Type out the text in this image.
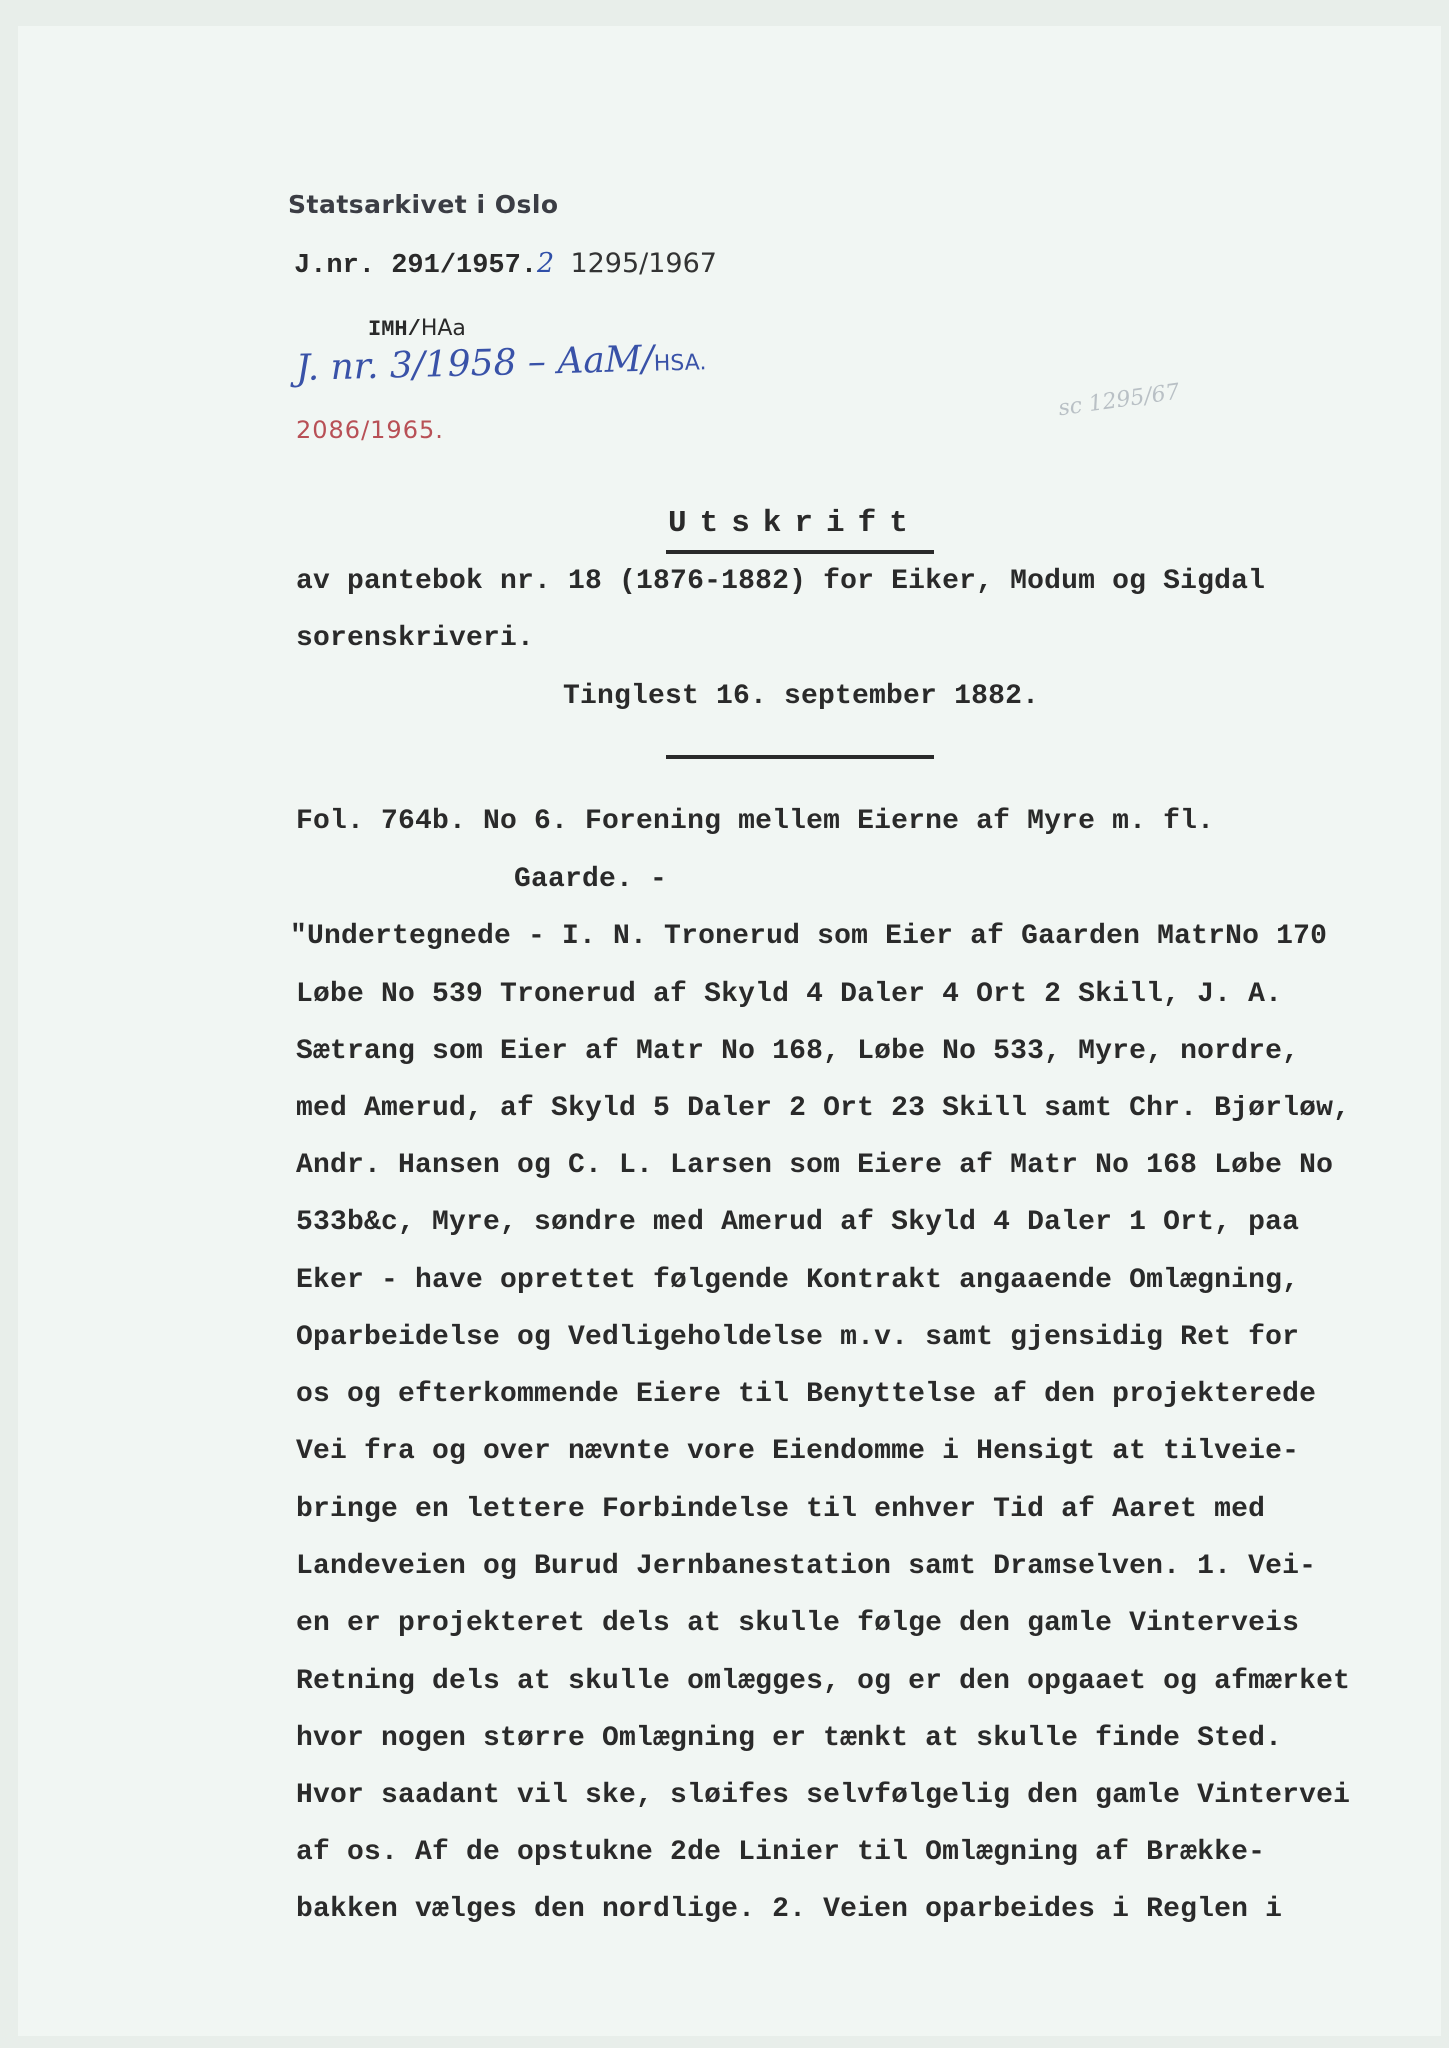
Statsarkivet i Oslo
J.nr. 291/1957.2 1295/1967
IMH/HAa
J. nr. 3/1958 – AaM/HSA.
sc 1295/67
2086/1965.
Utskrift
av pantebok nr. 18 (1876-1882) for Eiker, Modum og Sigdal
sorenskriveri.
Tinglest 16. september 1882.
Fol. 764b. No 6. Forening mellem Eierne af Myre m. fl.
Gaarde. -
"Undertegnede - I. N. Tronerud som Eier af Gaarden MatrNo 170
Løbe No 539 Tronerud af Skyld 4 Daler 4 Ort 2 Skill, J. A.
Sætrang som Eier af Matr No 168, Løbe No 533, Myre, nordre,
med Amerud, af Skyld 5 Daler 2 Ort 23 Skill samt Chr. Bjørløw,
Andr. Hansen og C. L. Larsen som Eiere af Matr No 168 Løbe No
533b&c, Myre, søndre med Amerud af Skyld 4 Daler 1 Ort, paa
Eker - have oprettet følgende Kontrakt angaaende Omlægning,
Oparbeidelse og Vedligeholdelse m.v. samt gjensidig Ret for
os og efterkommende Eiere til Benyttelse af den projekterede
Vei fra og over nævnte vore Eiendomme i Hensigt at tilveie-
bringe en lettere Forbindelse til enhver Tid af Aaret med
Landeveien og Burud Jernbanestation samt Dramselven. 1. Vei-
en er projekteret dels at skulle følge den gamle Vinterveis
Retning dels at skulle omlægges, og er den opgaaet og afmærket
hvor nogen større Omlægning er tænkt at skulle finde Sted.
Hvor saadant vil ske, sløifes selvfølgelig den gamle Vintervei
af os. Af de opstukne 2de Linier til Omlægning af Brække-
bakken vælges den nordlige. 2. Veien oparbeides i Reglen i
